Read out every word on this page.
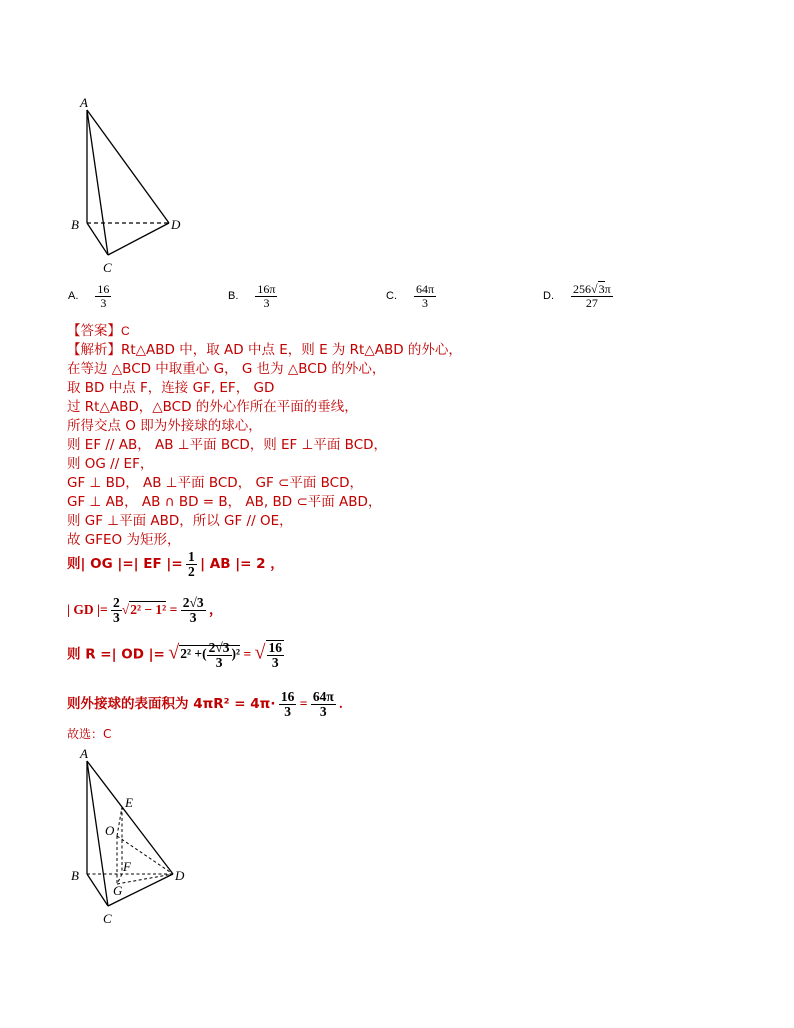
A
B
C
D
A. $\frac{16}{3}$	B. $\frac{16\pi}{3}$	C. $\frac{64\pi}{3}$	D. $\frac{256√3\pi}{27}$
【答案】C
【解析】Rt△ABD 中，取 AD 中点 E，则 E 为 Rt△ABD 的外心，
在等边 △BCD 中取重心 G， G 也为 △BCD 的外心，
取 BD 中点 F，连接 GF, EF， GD
过 Rt△ABD，△BCD 的外心作所在平面的垂线，
所得交点 O 即为外接球的球心，
则 EF // AB， AB ⊥平面 BCD，则 EF ⊥平面 BCD，
则 OG // EF，
GF ⊥ BD， AB ⊥平面 BCD， GF ⊂平面 BCD，
GF ⊥ AB， AB ∩ BD = B， AB, BD ⊂平面 ABD，
则 GF ⊥平面 ABD，所以 GF // OE，
故 GFEO 为矩形，
则| OG |=| EF |= $\frac{1}{2}$ | AB |= 2 ，
| GD |= $\frac{2}{3} √2^2 - 1^2 = \frac{2√3}{3}$ ，
则 R =| OD |= √2² +( $\frac{2√3}{3} )^2$ = √ $\frac{16}{3}$
则外接球的表面积为 $4\pi R^2 = 4\pi\cdot \frac{16}{3} = \frac{64\pi}{3}$ .
故选：C
A
B
C
D
E
O
F
G
